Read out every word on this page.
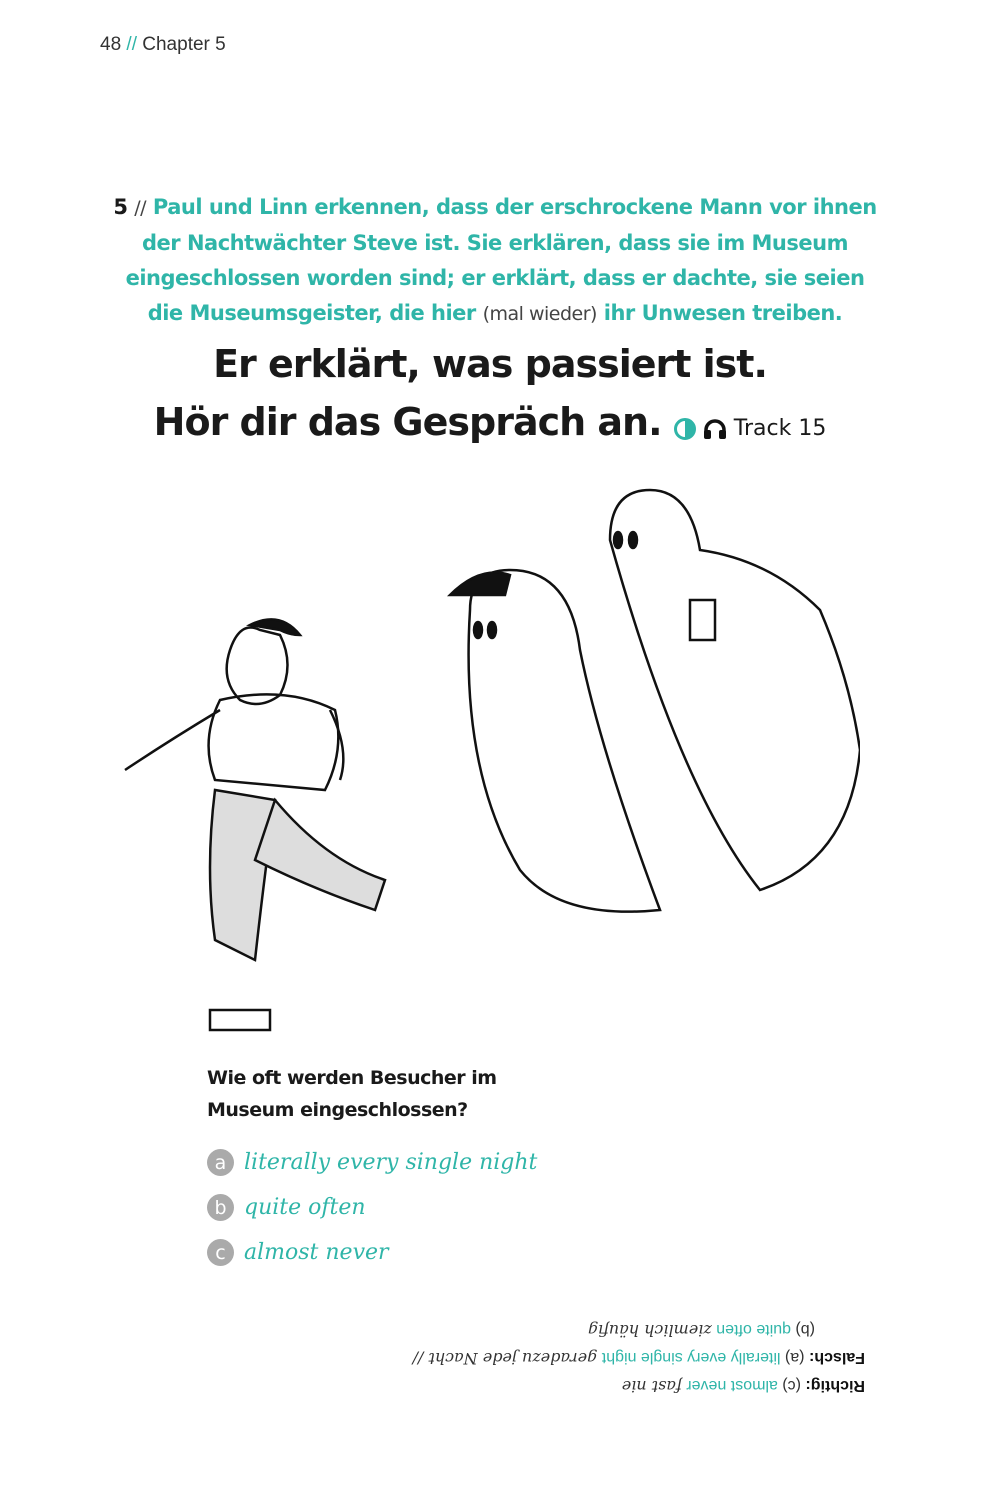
48 // Chapter 5
5 // Paul und Linn erkennen, dass der erschrockene Mann vor ihnen der Nachtwächter Steve ist. Sie erklären, dass sie im Museum eingeschlossen worden sind; er erklärt, dass er dachte, sie seien die Museumsgeister, die hier (mal wieder) ihr Unwesen treiben.
Er erklärt, was passiert ist.
Hör dir das Gespräch an.	Track 15
Wie oft werden Besucher im
Museum eingeschlossen?
a literally every single night
b quite often
c almost never
Richtig: (c) almost never fast nie
Falsch: (a) literally every single night geradezu jede Nacht //
(b) quite often ziemlich häufig
